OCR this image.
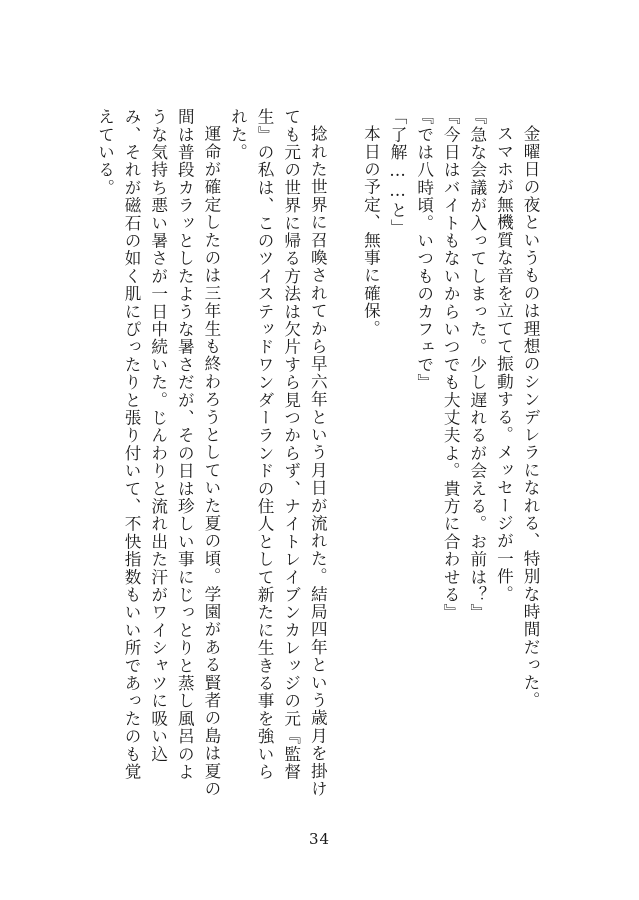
金曜日の夜というものは理想のシンデレラになれる、特別な時間だった。

スマホが無機質な音を立てて振動する。メッセージが一件。

『急な会議が入ってしまった。少し遅れるが会える。お前は？』

『今日はバイトもないからいつでも大丈夫よ。貴方に合わせる』

『では八時頃。いつものカフェで』

「了解……と」

本日の予定、無事に確保。

捻れた世界に召喚されてから早六年という月日が流れた。結局四年という歳月を掛けても元の世界に帰る方法は欠片すら見つからず、ナイトレイブンカレッジの元『監督生』の私は、このツイステッドワンダーランドの住人として新たに生きる事を強いられた。

運命が確定したのは三年生も終わろうとしていた夏の頃。学園がある賢者の島は夏の間は普段カラッとしたような暑さだが、その日は珍しい事にじっとりと蒸し風呂のような気持ち悪い暑さが一日中続いた。じんわりと流れ出た汗がワイシャツに吸い込み、それが磁石の如く肌にぴったりと張り付いて、不快指数もいい所であったのも覚えている。

34
